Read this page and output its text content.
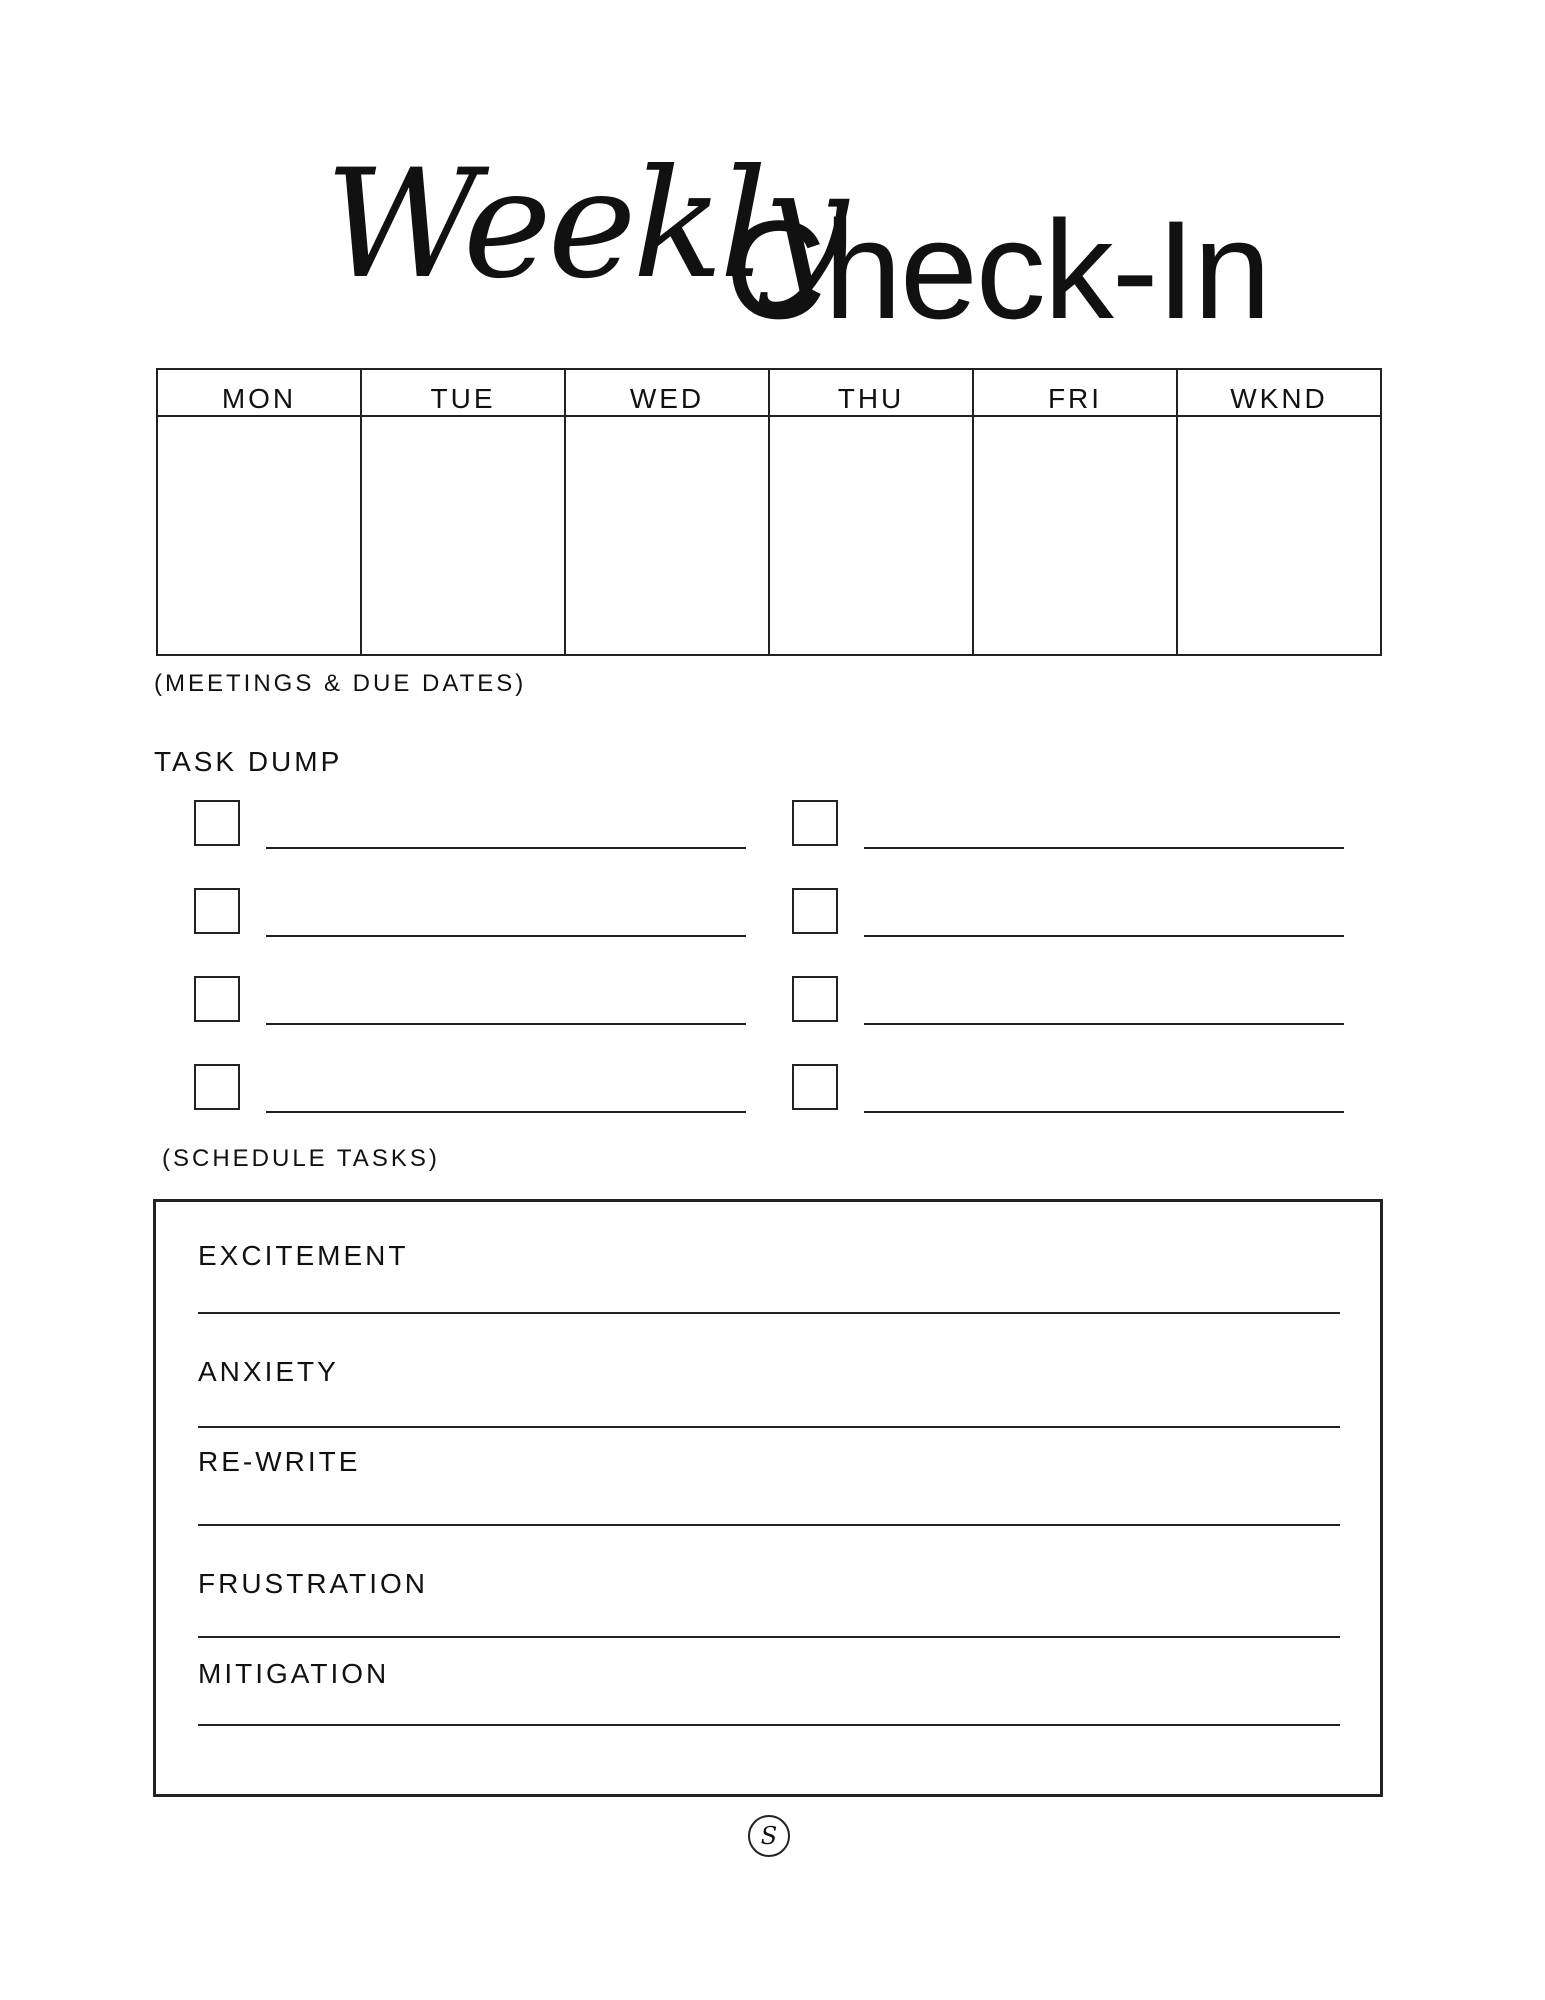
Weekly
Check-In
MON	TUE	WED	THU	FRI	WKND
(MEETINGS & DUE DATES)
TASK DUMP
(SCHEDULE TASKS)
EXCITEMENT
ANXIETY
RE-WRITE
FRUSTRATION
MITIGATION
S
